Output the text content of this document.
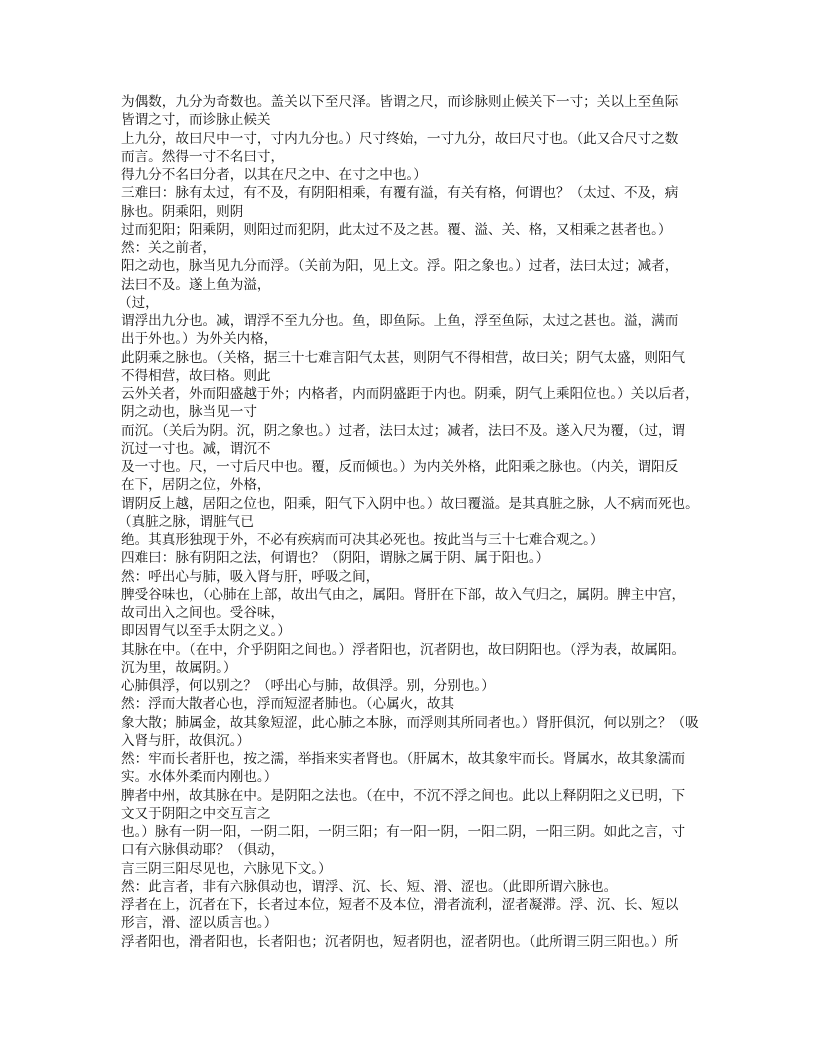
为偶数，九分为奇数也。盖关以下至尺泽。皆谓之尺，而诊脉则止候关下一寸；关以上至鱼际
皆谓之寸，而诊脉止候关
上九分，故曰尺中一寸，寸内九分也。）尺寸终始，一寸九分，故曰尺寸也。（此又合尺寸之数
而言。然得一寸不名曰寸，
得九分不名曰分者，以其在尺之中、在寸之中也。）
三难曰：脉有太过，有不及，有阴阳相乘，有覆有溢，有关有格，何谓也？（太过、不及，病
脉也。阴乘阳，则阴
过而犯阳；阳乘阴，则阳过而犯阴，此太过不及之甚。覆、溢、关、格，又相乘之甚者也。）
然：关之前者，
阳之动也，脉当见九分而浮。（关前为阳，见上文。浮。阳之象也。）过者，法曰太过；减者，
法曰不及。遂上鱼为溢，
（过，
谓浮出九分也。减，谓浮不至九分也。鱼，即鱼际。上鱼，浮至鱼际，太过之甚也。溢，满而
出于外也。）为外关内格，
此阴乘之脉也。（关格，据三十七难言阳气太甚，则阴气不得相营，故曰关；阴气太盛，则阳气
不得相营，故曰格。则此
云外关者，外而阳盛越于外；内格者，内而阴盛距于内也。阴乘，阴气上乘阳位也。）关以后者，
阴之动也，脉当见一寸
而沉。（关后为阴。沉，阴之象也。）过者，法曰太过；减者，法曰不及。遂入尺为覆，（过，谓
沉过一寸也。减，谓沉不
及一寸也。尺，一寸后尺中也。覆，反而倾也。）为内关外格，此阳乘之脉也。（内关，谓阳反
在下，居阴之位，外格，
谓阴反上越，居阳之位也，阳乘，阳气下入阴中也。）故曰覆溢。是其真脏之脉，人不病而死也。
（真脏之脉，谓脏气已
绝。其真形独现于外，不必有疾病而可决其必死也。按此当与三十七难合观之。）
四难曰：脉有阴阳之法，何谓也？（阴阳，谓脉之属于阴、属于阳也。）
然：呼出心与肺，吸入肾与肝，呼吸之间，
脾受谷味也，（心肺在上部，故出气由之，属阳。肾肝在下部，故入气归之，属阴。脾主中宫，
故司出入之间也。受谷味，
即因胃气以至手太阴之义。）
其脉在中。（在中，介乎阴阳之间也。）浮者阳也，沉者阴也，故曰阴阳也。（浮为表，故属阳。
沉为里，故属阴。）
心肺俱浮，何以别之？（呼出心与肺，故俱浮。别，分别也。）
然：浮而大散者心也，浮而短涩者肺也。（心属火，故其
象大散；肺属金，故其象短涩，此心肺之本脉，而浮则其所同者也。）肾肝俱沉，何以别之？（吸
入肾与肝，故俱沉。）
然：牢而长者肝也，按之濡，举指来实者肾也。（肝属木，故其象牢而长。肾属水，故其象濡而
实。水体外柔而内刚也。）
脾者中州，故其脉在中。是阴阳之法也。（在中，不沉不浮之间也。此以上释阴阳之义已明，下
文又于阴阳之中交互言之
也。）脉有一阴一阳，一阴二阳，一阴三阳；有一阳一阴，一阳二阴，一阳三阴。如此之言，寸
口有六脉俱动耶？（俱动，
言三阴三阳尽见也，六脉见下文。）
然：此言者，非有六脉俱动也，谓浮、沉、长、短、滑、涩也。（此即所谓六脉也。
浮者在上，沉者在下，长者过本位，短者不及本位，滑者流利，涩者凝滞。浮、沉、长、短以
形言，滑、涩以质言也。）
浮者阳也，滑者阳也，长者阳也；沉者阴也，短者阴也，涩者阴也。（此所谓三阴三阳也。）所
